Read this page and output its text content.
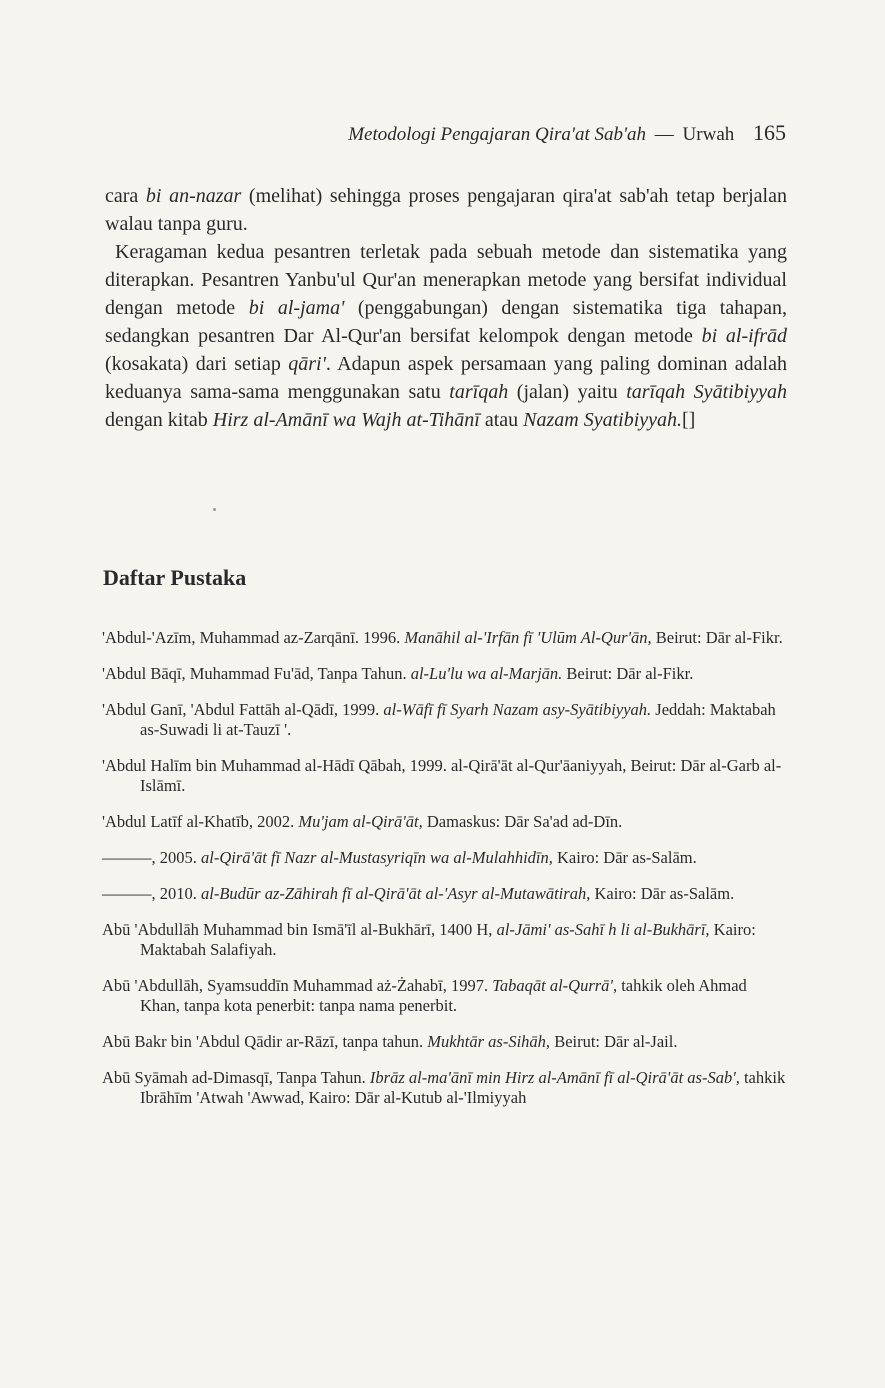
Metodologi Pengajaran Qira'at Sab'ah — Urwah 165

cara bi an-nazar (melihat) sehingga proses pengajaran qira'at sab'ah tetap berjalan walau tanpa guru.

Keragaman kedua pesantren terletak pada sebuah metode dan sistematika yang diterapkan. Pesantren Yanbu'ul Qur'an menerapkan metode yang bersifat individual dengan metode bi al-jama' (penggabungan) dengan sistematika tiga tahapan, sedangkan pesantren Dar Al-Qur'an bersifat kelompok dengan metode bi al-ifrād (kosakata) dari setiap qāri'. Adapun aspek persamaan yang paling dominan adalah keduanya sama-sama menggunakan satu tarīqah (jalan) yaitu tarīqah Syātibiyyah dengan kitab Hirz al-Amānī wa Wajh at-Tihānī atau Nazam Syatibiyyah.[]

Daftar Pustaka

'Abdul-'Azīm, Muhammad az-Zarqānī. 1996. Manāhil al-'Irfān fī 'Ulūm Al-Qur'ān, Beirut: Dār al-Fikr.

'Abdul Bāqī, Muhammad Fu'ād, Tanpa Tahun. al-Lu'lu wa al-Marjān. Beirut: Dār al-Fikr.

'Abdul Ganī, 'Abdul Fattāh al-Qādī, 1999. al-Wāfī fī Syarh Nazam asy-Syātibiyyah. Jeddah: Maktabah as-Suwadi li at-Tauzī '.

'Abdul Halīm bin Muhammad al-Hādī Qābah, 1999. al-Qirā'āt al-Qur'āaniyyah, Beirut: Dār al-Garb al-Islāmī.

'Abdul Latīf al-Khatīb, 2002. Mu'jam al-Qirā'āt, Damaskus: Dār Sa'ad ad-Dīn.

———, 2005. al-Qirā'āt fī Nazr al-Mustasyriqīn wa al-Mulahhidīn, Kairo: Dār as-Salām.

———, 2010. al-Budūr az-Zāhirah fī al-Qirā'āt al-'Asyr al-Mutawātirah, Kairo: Dār as-Salām.

Abū 'Abdullāh Muhammad bin Ismā'īl al-Bukhārī, 1400 H, al-Jāmi' as-Sahī h li al-Bukhārī, Kairo: Maktabah Salafiyah.

Abū 'Abdullāh, Syamsuddīn Muhammad aż-Żahabī, 1997. Tabaqāt al-Qurrā', tahkik oleh Ahmad Khan, tanpa kota penerbit: tanpa nama penerbit.

Abū Bakr bin 'Abdul Qādir ar-Rāzī, tanpa tahun. Mukhtār as-Sihāh, Beirut: Dār al-Jail.

Abū Syāmah ad-Dimasqī, Tanpa Tahun. Ibrāz al-ma'ānī min Hirz al-Amānī fī al-Qirā'āt as-Sab', tahkik Ibrāhīm 'Atwah 'Awwad, Kairo: Dār al-Kutub al-'Ilmiyyah
